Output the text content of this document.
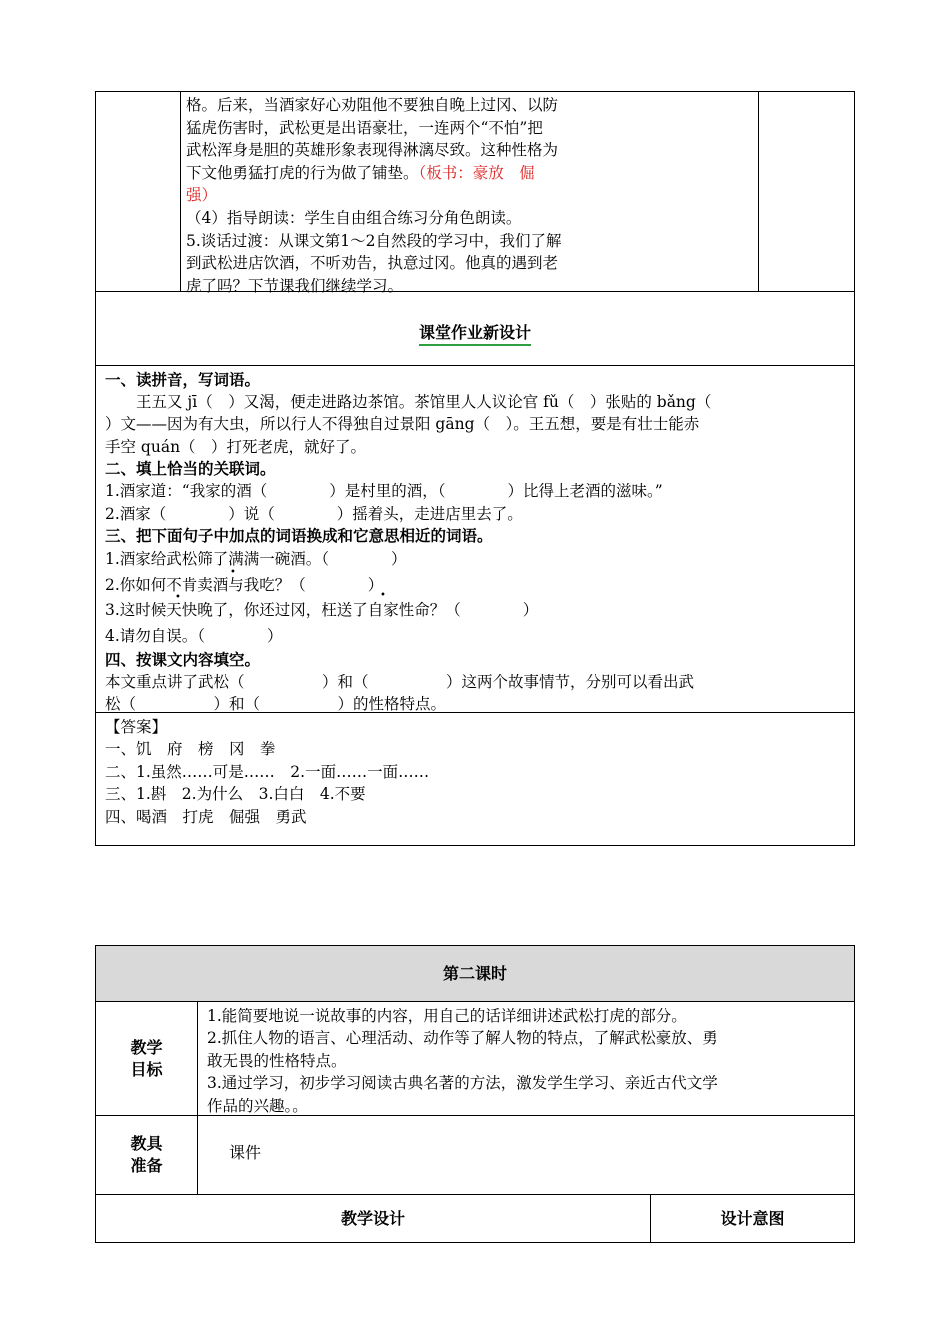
格。后来，当酒家好心劝阻他不要独自晚上过冈、以防
猛虎伤害时，武松更是出语豪壮，一连两个“不怕”把
武松浑身是胆的英雄形象表现得淋漓尽致。这种性格为
下文他勇猛打虎的行为做了铺垫。（板书：豪放　倔
强）
（4）指导朗读：学生自由组合练习分角色朗读。
5.谈话过渡：从课文第1～2自然段的学习中，我们了解
到武松进店饮酒，不听劝告，执意过冈。他真的遇到老
虎了吗？下节课我们继续学习。
课堂作业新设计
一、读拼音，写词语。
　　王五又 jī（　）又渴，便走进路边茶馆。茶馆里人人议论官 fǔ（　）张贴的 bǎng（
）文——因为有大虫，所以行人不得独自过景阳 gāng（　）。王五想，要是有壮士能赤
手空 quán（　）打死老虎，就好了。
二、填上恰当的关联词。
1.酒家道：“我家的酒（　　　　）是村里的酒，（　　　　）比得上老酒的滋味。”
2.酒家（　　　　）说（　　　　）摇着头，走进店里去了。
三、把下面句子中加点的词语换成和它意思相近的词语。
1.酒家给武松筛了满满一碗酒。（　　　　）
2.你如何不肯卖酒与我吃？（　　　　）
3.这时候天快晚了，你还过冈，枉送了自家性命？（　　　　）
4.请勿自误。（　　　　）
四、按课文内容填空。
本文重点讲了武松（　　　　　）和（　　　　　）这两个故事情节，分别可以看出武
松（　　　　　）和（　　　　　）的性格特点。
【答案】
一、饥　府　榜　冈　拳
二、1.虽然……可是……　2.一面……一面……
三、1.斟　2.为什么　3.白白　4.不要
四、喝酒　打虎　倔强　勇武
•
•	•
第二课时
教学
目标
1.能简要地说一说故事的内容，用自己的话详细讲述武松打虎的部分。
2.抓住人物的语言、心理活动、动作等了解人物的特点，了解武松豪放、勇
敢无畏的性格特点。
3.通过学习，初步学习阅读古典名著的方法，激发学生学习、亲近古代文学
作品的兴趣。。
教具
准备
课件
教学设计	设计意图
